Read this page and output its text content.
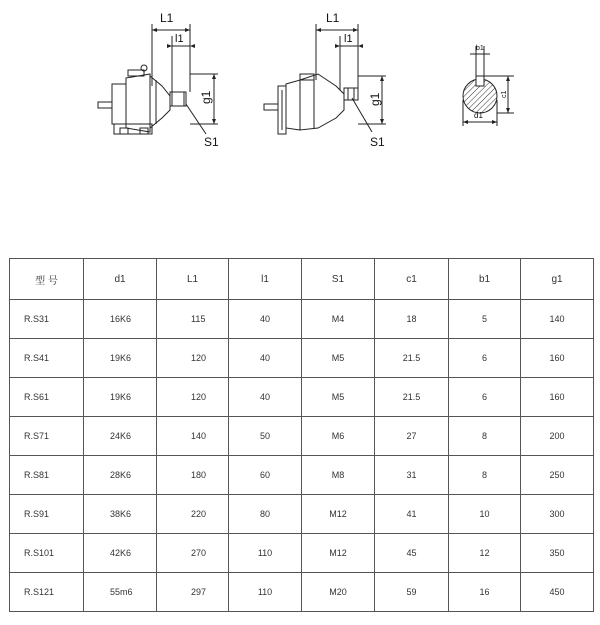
L1
l1
g1
S1
L1
l1
g1
S1
b1
c1
d1
型 号	d1	L1	l1	S1	c1	b1	g1
R.S31	16K6	115	40	M4	18	5	140
R.S41	19K6	120	40	M5	21.5	6	160
R.S61	19K6	120	40	M5	21.5	6	160
R.S71	24K6	140	50	M6	27	8	200
R.S81	28K6	180	60	M8	31	8	250
R.S91	38K6	220	80	M12	41	10	300
R.S101	42K6	270	110	M12	45	12	350
R.S121	55m6	297	110	M20	59	16	450
